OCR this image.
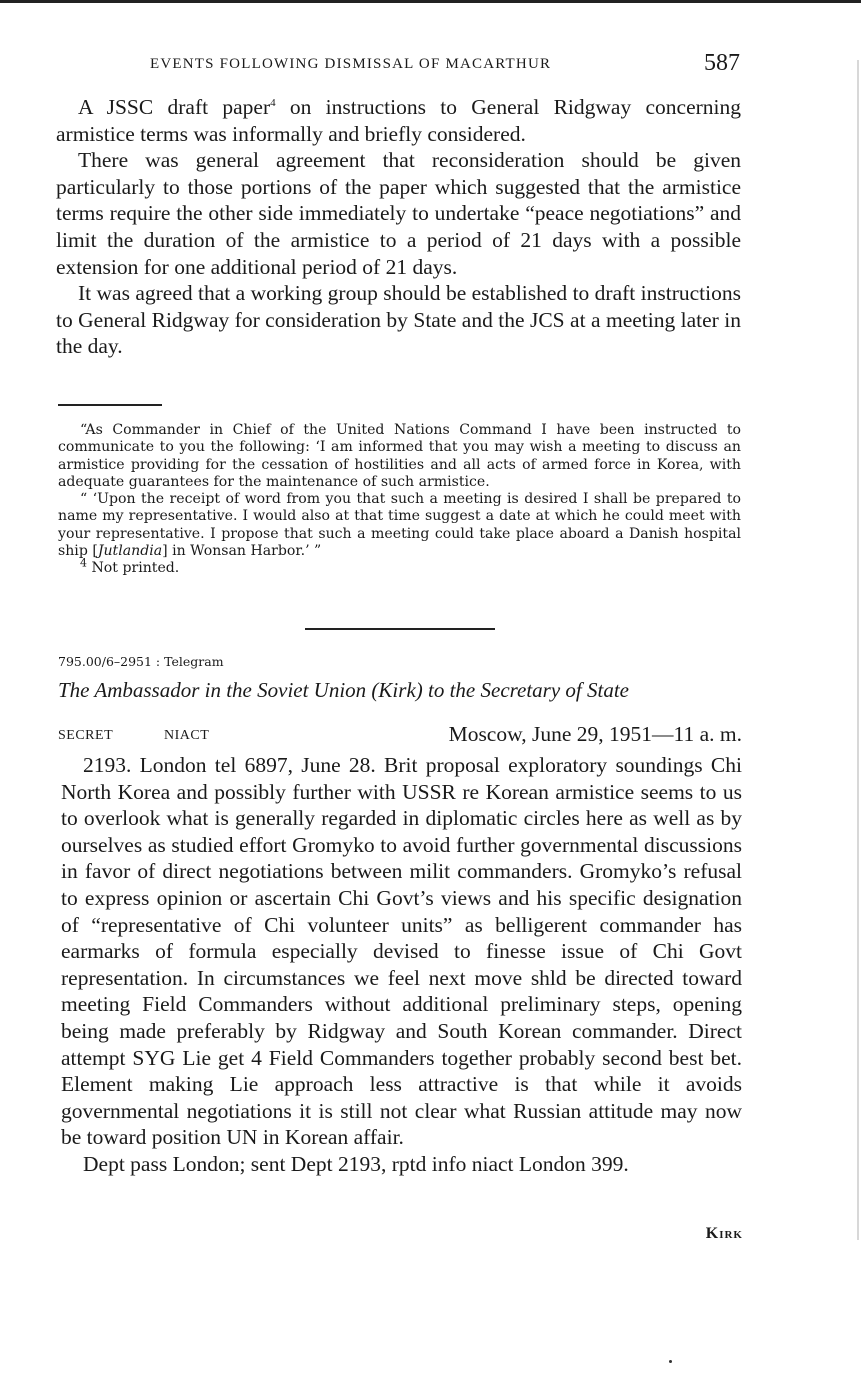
EVENTS FOLLOWING DISMISSAL OF MACARTHUR	587

A JSSC draft paper$^4$ on instructions to General Ridgway concerning armistice terms was informally and briefly considered.

There was general agreement that reconsideration should be given particularly to those portions of the paper which suggested that the armistice terms require the other side immediately to undertake “peace negotiations” and limit the duration of the armistice to a period of 21 days with a possible extension for one additional period of 21 days.

It was agreed that a working group should be established to draft instructions to General Ridgway for consideration by State and the JCS at a meeting later in the day.

“As Commander in Chief of the United Nations Command I have been instructed to communicate to you the following: ‘I am informed that you may wish a meeting to discuss an armistice providing for the cessation of hostilities and all acts of armed force in Korea, with adequate guarantees for the maintenance of such armistice.

“ ‘Upon the receipt of word from you that such a meeting is desired I shall be prepared to name my representative. I would also at that time suggest a date at which he could meet with your representative. I propose that such a meeting could take place aboard a Danish hospital ship [Jutlandia] in Wonsan Harbor.’ ”

$^4$ Not printed.

795.00/6–2951 : Telegram
The Ambassador in the Soviet Union (Kirk) to the Secretary of State
SECRET	NIACT	Moscow, June 29, 1951—11 a. m.

2193. London tel 6897, June 28. Brit proposal exploratory soundings Chi North Korea and possibly further with USSR re Korean armistice seems to us to overlook what is generally regarded in diplomatic circles here as well as by ourselves as studied effort Gromyko to avoid further governmental discussions in favor of direct negotiations between milit commanders. Gromyko’s refusal to express opinion or ascertain Chi Govt’s views and his specific designation of “representative of Chi volunteer units” as belligerent commander has earmarks of formula especially devised to finesse issue of Chi Govt representation. In circumstances we feel next move shld be directed toward meeting Field Commanders without additional preliminary steps, opening being made preferably by Ridgway and South Korean commander. Direct attempt SYG Lie get 4 Field Commanders together probably second best bet. Element making Lie approach less attractive is that while it avoids governmental negotiations it is still not clear what Russian attitude may now be toward position UN in Korean affair.

Dept pass London; sent Dept 2193, rptd info niact London 399.

Kirk
